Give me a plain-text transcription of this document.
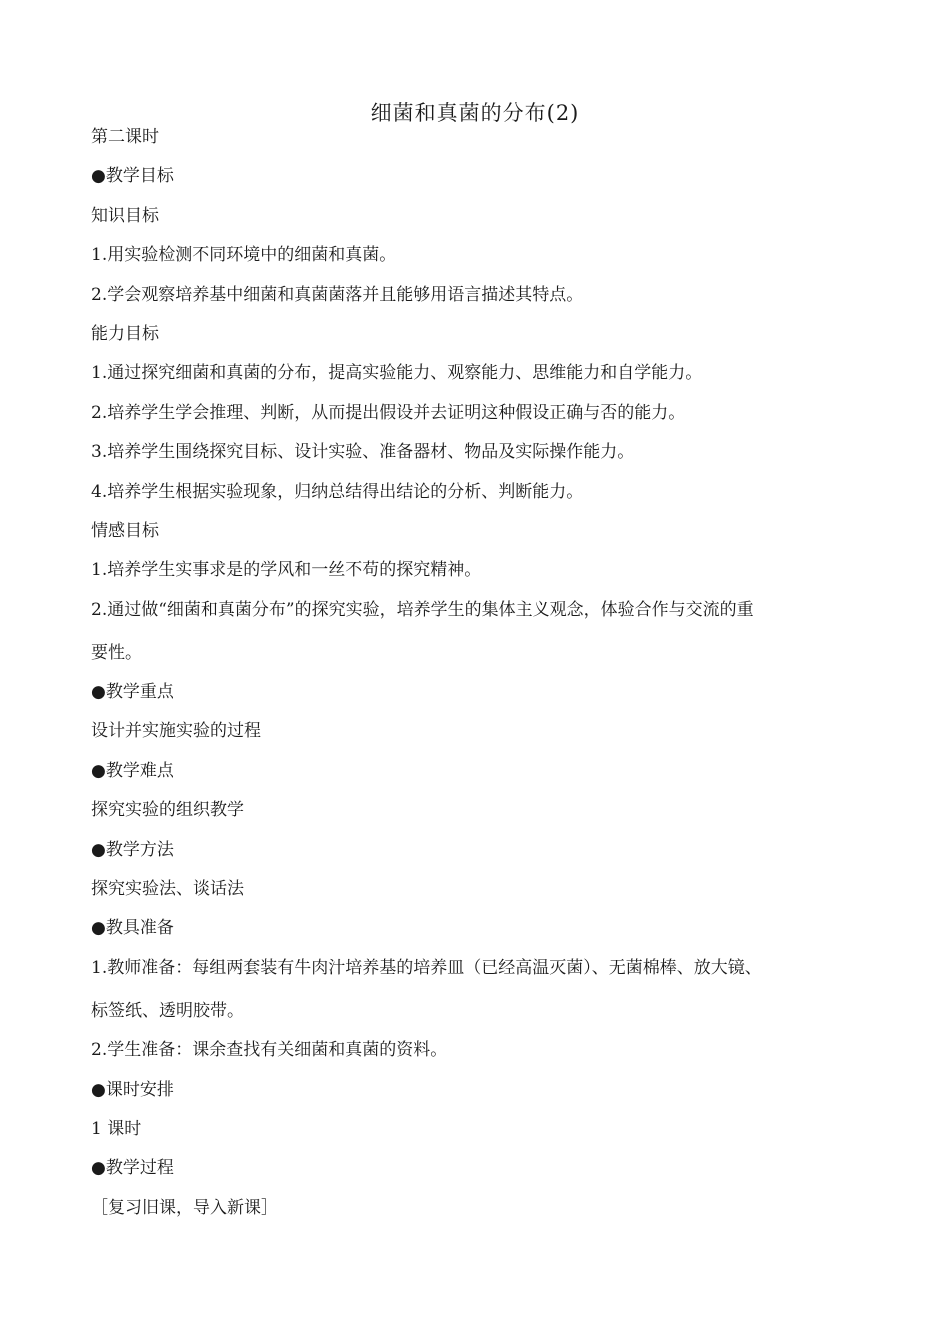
细菌和真菌的分布(2)
第二课时
●教学目标
知识目标
1.用实验检测不同环境中的细菌和真菌。
2.学会观察培养基中细菌和真菌菌落并且能够用语言描述其特点。
能力目标
1.通过探究细菌和真菌的分布，提高实验能力、观察能力、思维能力和自学能力。
2.培养学生学会推理、判断，从而提出假设并去证明这种假设正确与否的能力。
3.培养学生围绕探究目标、设计实验、准备器材、物品及实际操作能力。
4.培养学生根据实验现象，归纳总结得出结论的分析、判断能力。
情感目标
1.培养学生实事求是的学风和一丝不苟的探究精神。
2.通过做“细菌和真菌分布”的探究实验，培养学生的集体主义观念，体验合作与交流的重
要性。
●教学重点
设计并实施实验的过程
●教学难点
探究实验的组织教学
●教学方法
探究实验法、谈话法
●教具准备
1.教师准备：每组两套装有牛肉汁培养基的培养皿（已经高温灭菌）、无菌棉棒、放大镜、
标签纸、透明胶带。
2.学生准备：课余查找有关细菌和真菌的资料。
●课时安排
1 课时
●教学过程
［复习旧课，导入新课］
